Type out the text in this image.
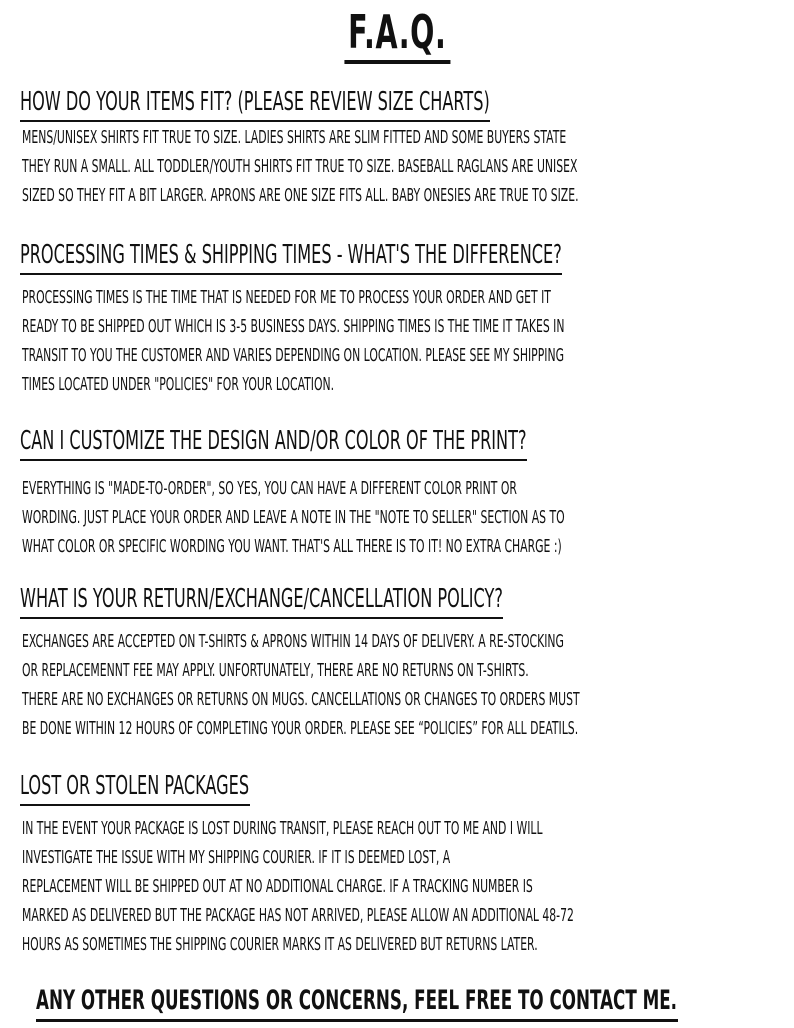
F.A.Q.
HOW DO YOUR ITEMS FIT? (PLEASE REVIEW SIZE CHARTS)
MENS/UNISEX SHIRTS FIT TRUE TO SIZE. LADIES SHIRTS ARE SLIM FITTED AND SOME BUYERS STATE
THEY RUN A SMALL. ALL TODDLER/YOUTH SHIRTS FIT TRUE TO SIZE. BASEBALL RAGLANS ARE UNISEX
SIZED SO THEY FIT A BIT LARGER. APRONS ARE ONE SIZE FITS ALL. BABY ONESIES ARE TRUE TO SIZE.
PROCESSING TIMES & SHIPPING TIMES - WHAT'S THE DIFFERENCE?
PROCESSING TIMES IS THE TIME THAT IS NEEDED FOR ME TO PROCESS YOUR ORDER AND GET IT
READY TO BE SHIPPED OUT WHICH IS 3-5 BUSINESS DAYS. SHIPPING TIMES IS THE TIME IT TAKES IN
TRANSIT TO YOU THE CUSTOMER AND VARIES DEPENDING ON LOCATION. PLEASE SEE MY SHIPPING
TIMES LOCATED UNDER "POLICIES" FOR YOUR LOCATION.
CAN I CUSTOMIZE THE DESIGN AND/OR COLOR OF THE PRINT?
EVERYTHING IS "MADE-TO-ORDER", SO YES, YOU CAN HAVE A DIFFERENT COLOR PRINT OR
WORDING. JUST PLACE YOUR ORDER AND LEAVE A NOTE IN THE "NOTE TO SELLER" SECTION AS TO
WHAT COLOR OR SPECIFIC WORDING YOU WANT. THAT'S ALL THERE IS TO IT! NO EXTRA CHARGE :)
WHAT IS YOUR RETURN/EXCHANGE/CANCELLATION POLICY?
EXCHANGES ARE ACCEPTED ON T-SHIRTS & APRONS WITHIN 14 DAYS OF DELIVERY. A RE-STOCKING
OR REPLACEMENNT FEE MAY APPLY. UNFORTUNATELY, THERE ARE NO RETURNS ON T-SHIRTS.
THERE ARE NO EXCHANGES OR RETURNS ON MUGS. CANCELLATIONS OR CHANGES TO ORDERS MUST
BE DONE WITHIN 12 HOURS OF COMPLETING YOUR ORDER. PLEASE SEE “POLICIES” FOR ALL DEATILS.
LOST OR STOLEN PACKAGES
IN THE EVENT YOUR PACKAGE IS LOST DURING TRANSIT, PLEASE REACH OUT TO ME AND I WILL
INVESTIGATE THE ISSUE WITH MY SHIPPING COURIER. IF IT IS DEEMED LOST, A
REPLACEMENT WILL BE SHIPPED OUT AT NO ADDITIONAL CHARGE. IF A TRACKING NUMBER IS
MARKED AS DELIVERED BUT THE PACKAGE HAS NOT ARRIVED, PLEASE ALLOW AN ADDITIONAL 48-72
HOURS AS SOMETIMES THE SHIPPING COURIER MARKS IT AS DELIVERED BUT RETURNS LATER.
ANY OTHER QUESTIONS OR CONCERNS, FEEL FREE TO CONTACT ME.
